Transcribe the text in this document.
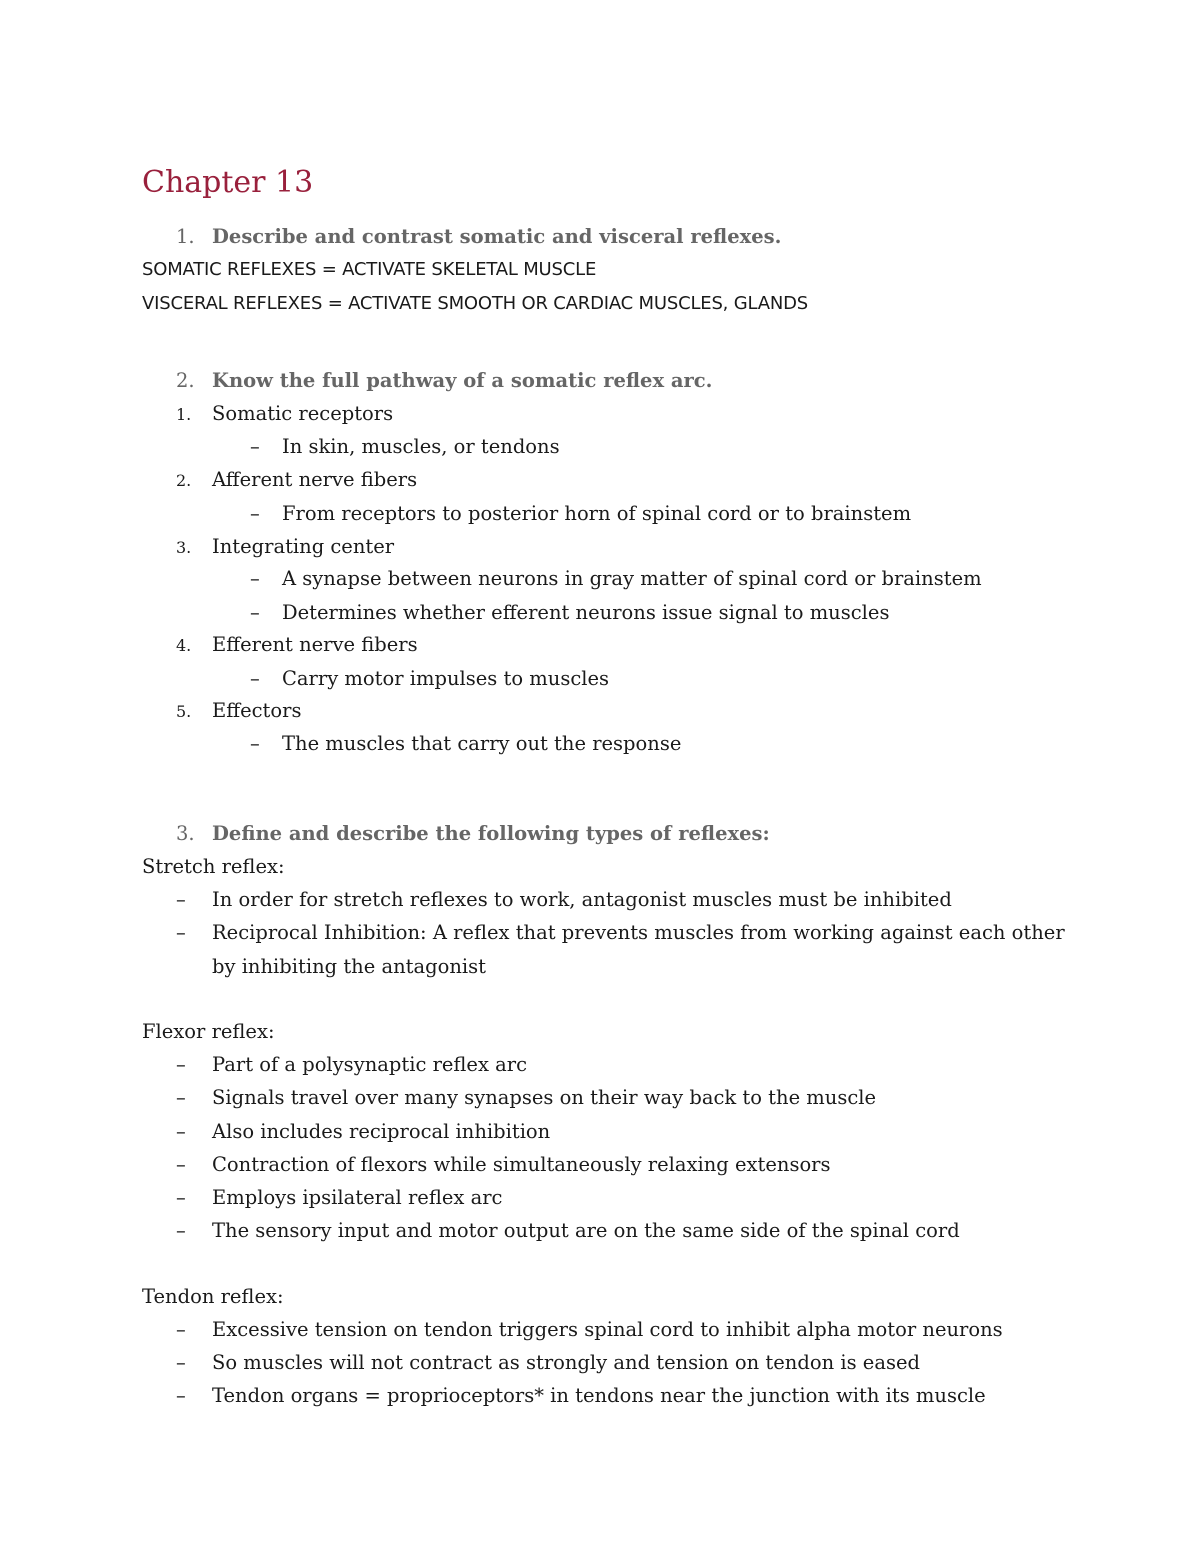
Chapter 13
1. Describe and contrast somatic and visceral reflexes.
SOMATIC REFLEXES = ACTIVATE SKELETAL MUSCLE
VISCERAL REFLEXES = ACTIVATE SMOOTH OR CARDIAC MUSCLES, GLANDS
2. Know the full pathway of a somatic reflex arc.
1. Somatic receptors
– In skin, muscles, or tendons
2. Afferent nerve fibers
– From receptors to posterior horn of spinal cord or to brainstem
3. Integrating center
– A synapse between neurons in gray matter of spinal cord or brainstem
– Determines whether efferent neurons issue signal to muscles
4. Efferent nerve fibers
– Carry motor impulses to muscles
5. Effectors
– The muscles that carry out the response
3. Define and describe the following types of reflexes:
Stretch reflex:
– In order for stretch reflexes to work, antagonist muscles must be inhibited
– Reciprocal Inhibition: A reflex that prevents muscles from working against each other
by inhibiting the antagonist
Flexor reflex:
– Part of a polysynaptic reflex arc
– Signals travel over many synapses on their way back to the muscle
– Also includes reciprocal inhibition
– Contraction of flexors while simultaneously relaxing extensors
– Employs ipsilateral reflex arc
– The sensory input and motor output are on the same side of the spinal cord
Tendon reflex:
– Excessive tension on tendon triggers spinal cord to inhibit alpha motor neurons
– So muscles will not contract as strongly and tension on tendon is eased
– Tendon organs = proprioceptors* in tendons near the junction with its muscle
